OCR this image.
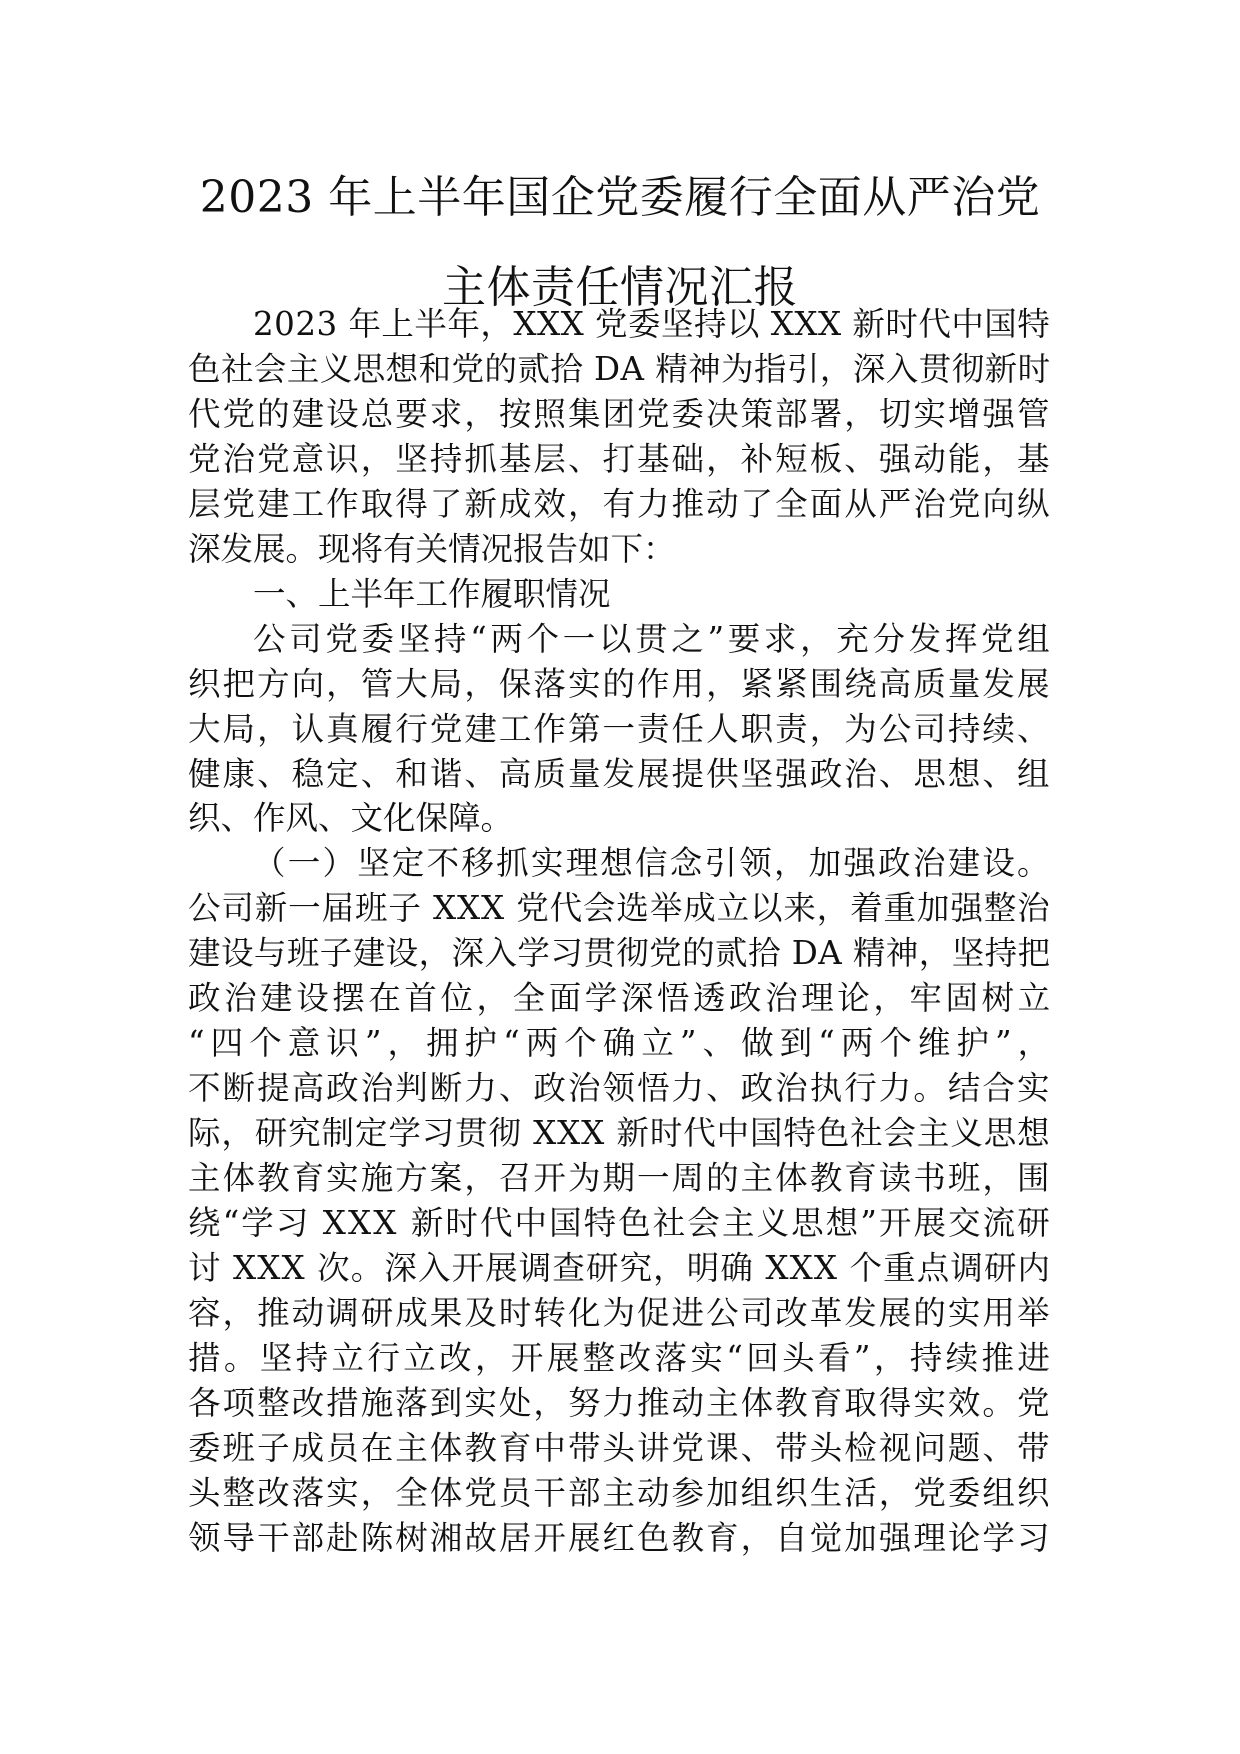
2023 年上半年国企党委履行全面从严治党
主体责任情况汇报
2023 年上半年，XXX 党委坚持以 XXX 新时代中国特
色社会主义思想和党的贰拾 DA 精神为指引，深入贯彻新时
代党的建设总要求，按照集团党委决策部署，切实增强管
党治党意识，坚持抓基层、打基础，补短板、强动能，基
层党建工作取得了新成效，有力推动了全面从严治党向纵
深发展。现将有关情况报告如下：
一、上半年工作履职情况
公司党委坚持“两个一以贯之”要求，充分发挥党组
织把方向，管大局，保落实的作用，紧紧围绕高质量发展
大局，认真履行党建工作第一责任人职责，为公司持续、
健康、稳定、和谐、高质量发展提供坚强政治、思想、组
织、作风、文化保障。
（一）坚定不移抓实理想信念引领，加强政治建设。
公司新一届班子 XXX 党代会选举成立以来，着重加强整治
建设与班子建设，深入学习贯彻党的贰拾 DA 精神，坚持把
政治建设摆在首位，全面学深悟透政治理论，牢固树立
“四个意识”，拥护“两个确立”、做到“两个维护”，
不断提高政治判断力、政治领悟力、政治执行力。结合实
际，研究制定学习贯彻 XXX 新时代中国特色社会主义思想
主体教育实施方案，召开为期一周的主体教育读书班，围
绕“学习 XXX 新时代中国特色社会主义思想”开展交流研
讨 XXX 次。深入开展调查研究，明确 XXX 个重点调研内
容，推动调研成果及时转化为促进公司改革发展的实用举
措。坚持立行立改，开展整改落实“回头看”，持续推进
各项整改措施落到实处，努力推动主体教育取得实效。党
委班子成员在主体教育中带头讲党课、带头检视问题、带
头整改落实，全体党员干部主动参加组织生活，党委组织
领导干部赴陈树湘故居开展红色教育，自觉加强理论学习
